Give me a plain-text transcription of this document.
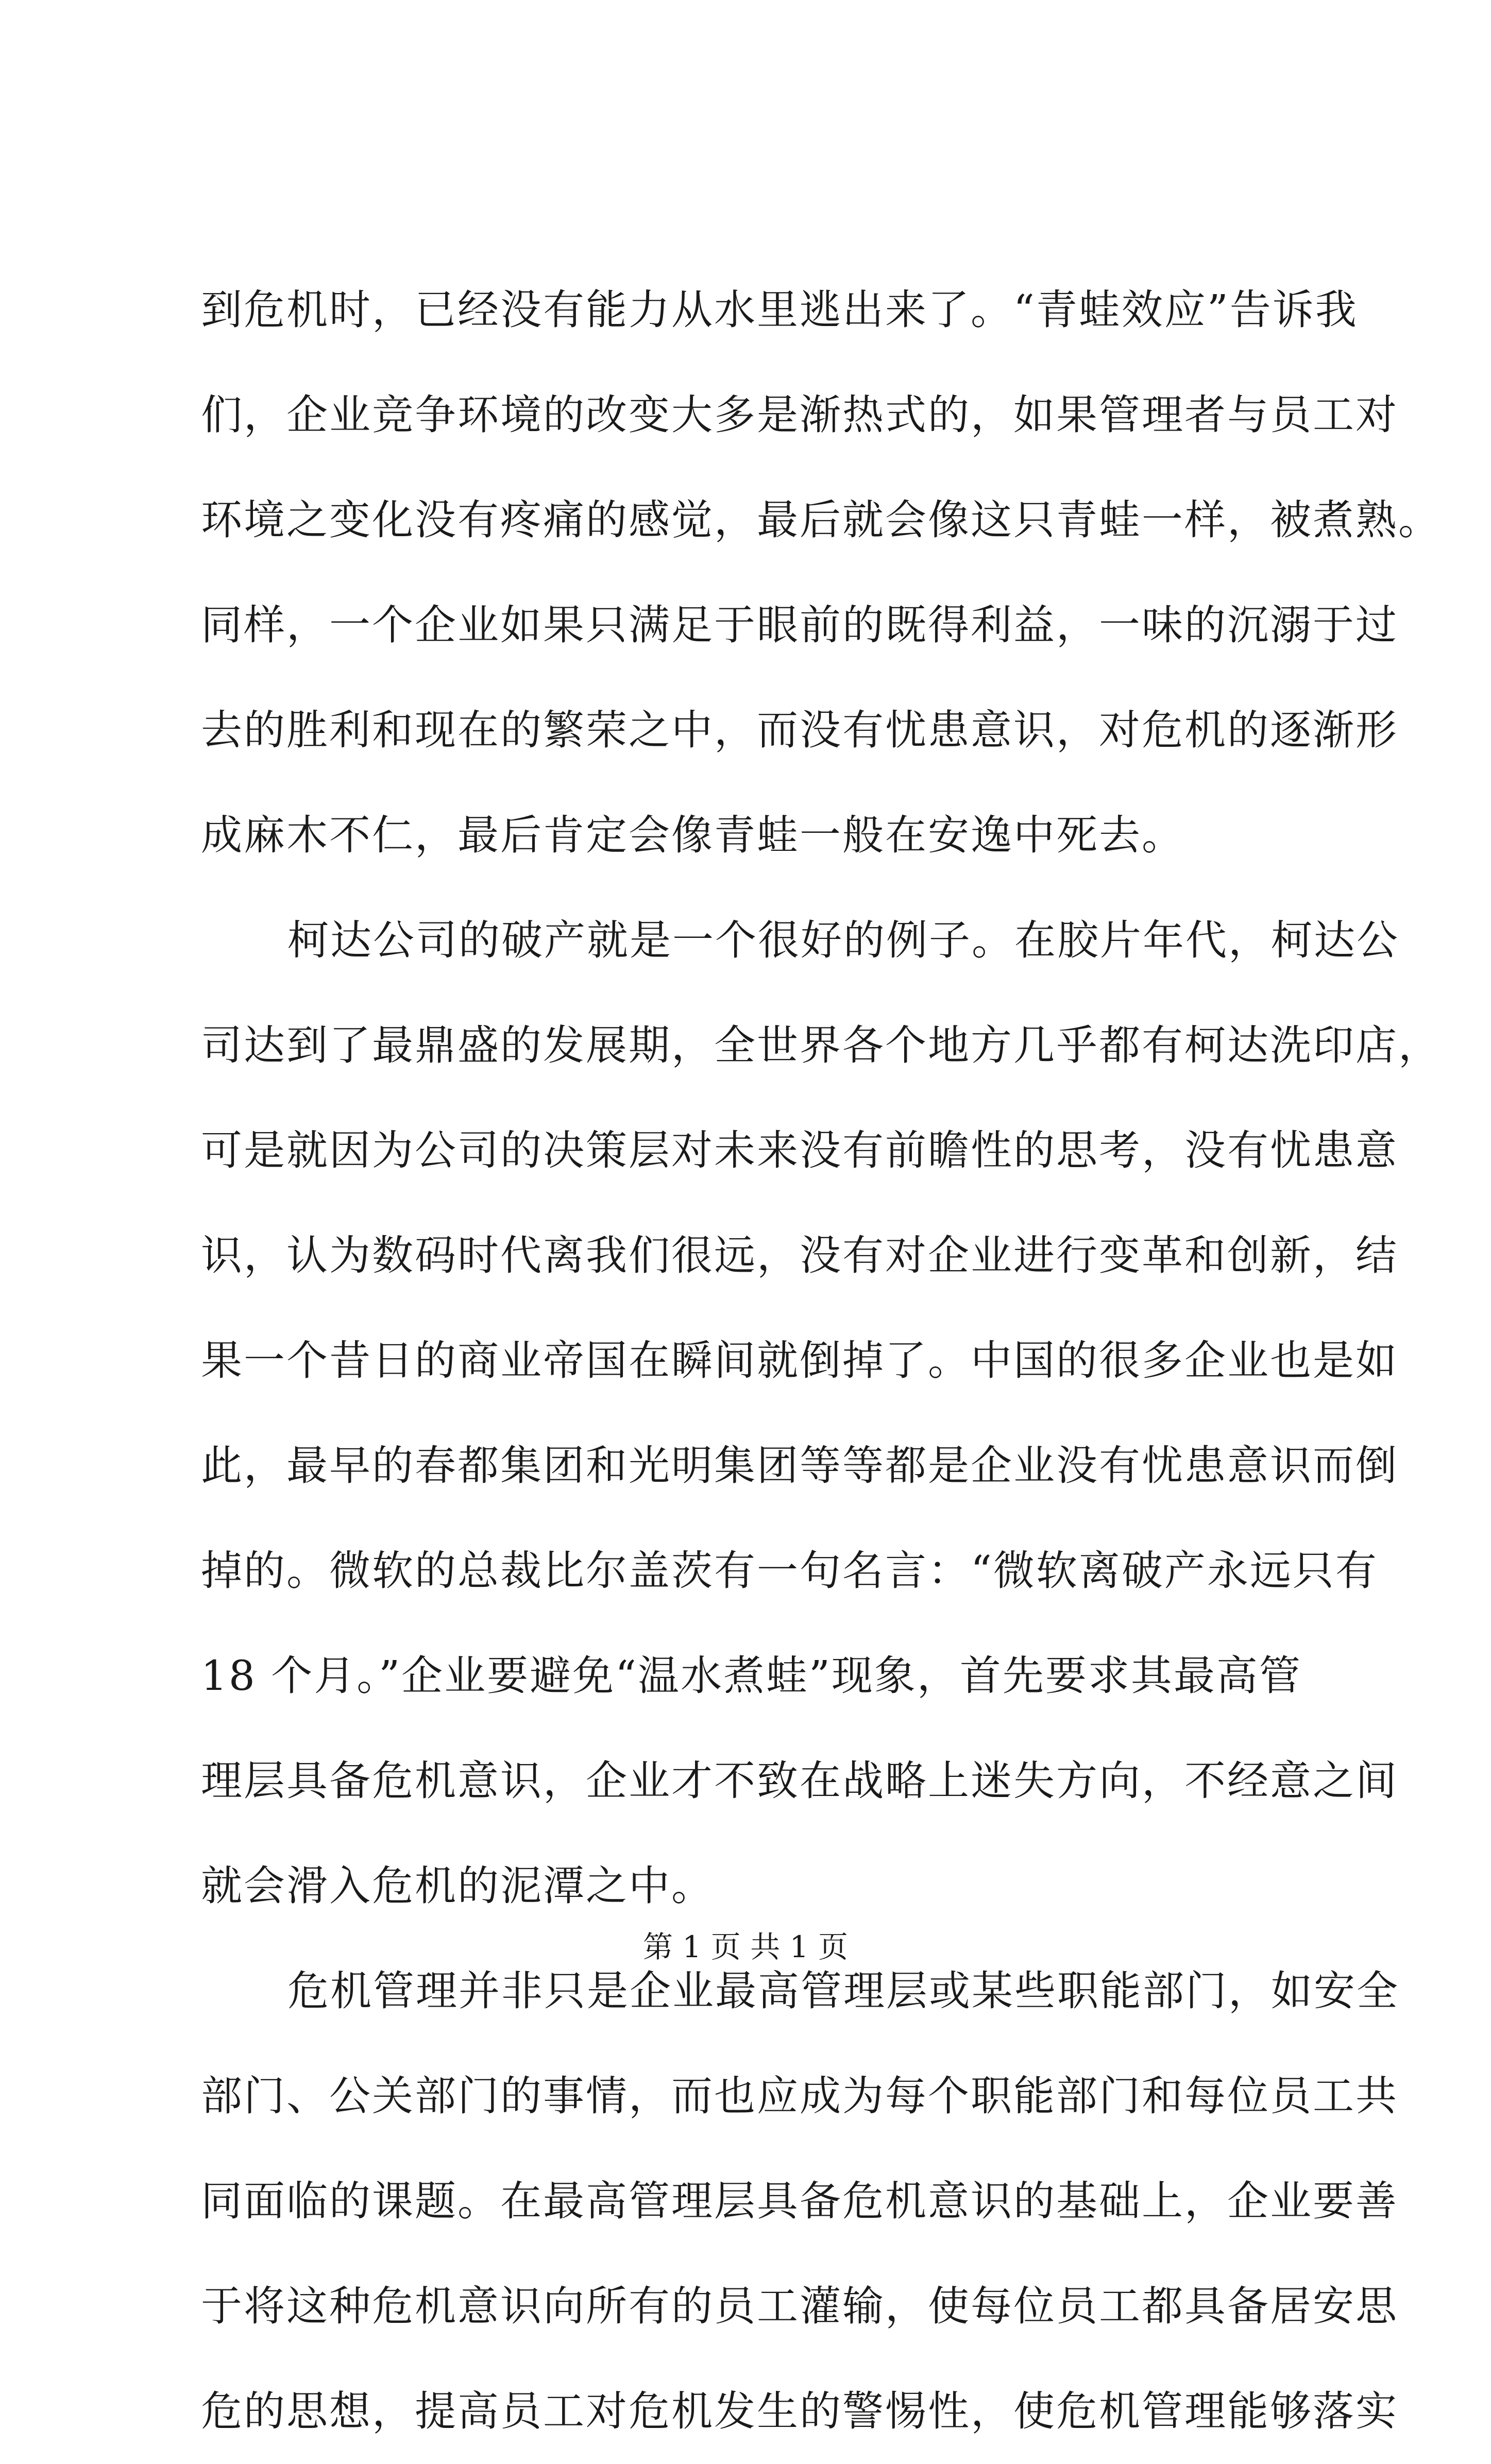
到危机时，已经没有能力从水里逃出来了。“青蛙效应”告诉我
们，企业竞争环境的改变大多是渐热式的，如果管理者与员工对
环境之变化没有疼痛的感觉，最后就会像这只青蛙一样，被煮熟。
同样，一个企业如果只满足于眼前的既得利益，一味的沉溺于过
去的胜利和现在的繁荣之中，而没有忧患意识，对危机的逐渐形
成麻木不仁，最后肯定会像青蛙一般在安逸中死去。
柯达公司的破产就是一个很好的例子。在胶片年代，柯达公
司达到了最鼎盛的发展期，全世界各个地方几乎都有柯达洗印店，
可是就因为公司的决策层对未来没有前瞻性的思考，没有忧患意
识，认为数码时代离我们很远，没有对企业进行变革和创新，结
果一个昔日的商业帝国在瞬间就倒掉了。中国的很多企业也是如
此，最早的春都集团和光明集团等等都是企业没有忧患意识而倒
掉的。微软的总裁比尔盖茨有一句名言：“微软离破产永远只有
18 个月。”企业要避免“温水煮蛙”现象，首先要求其最高管
理层具备危机意识，企业才不致在战略上迷失方向，不经意之间
就会滑入危机的泥潭之中。
危机管理并非只是企业最高管理层或某些职能部门，如安全
部门、公关部门的事情，而也应成为每个职能部门和每位员工共
同面临的课题。在最高管理层具备危机意识的基础上，企业要善
于将这种危机意识向所有的员工灌输，使每位员工都具备居安思
危的思想，提高员工对危机发生的警惕性，使危机管理能够落实
第 1 页 共 1 页
